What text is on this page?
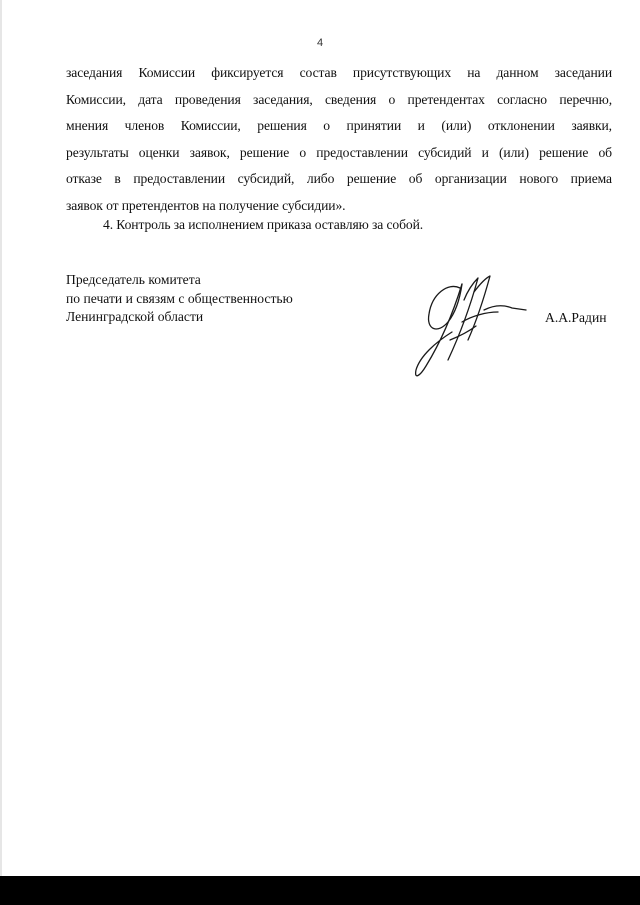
4

заседания Комиссии фиксируется состав присутствующих на данном заседании
Комиссии, дата проведения заседания, сведения о претендентах согласно перечню,
мнения членов Комиссии, решения о принятии и (или) отклонении заявки,
результаты оценки заявок, решение о предоставлении субсидий и (или) решение об
отказе в предоставлении субсидий, либо решение об организации нового приема
заявок от претендентов на получение субсидии».

4. Контроль за исполнением приказа оставляю за собой.

Председатель комитета
по печати и связям с общественностью
Ленинградской области	А.А.Радин
